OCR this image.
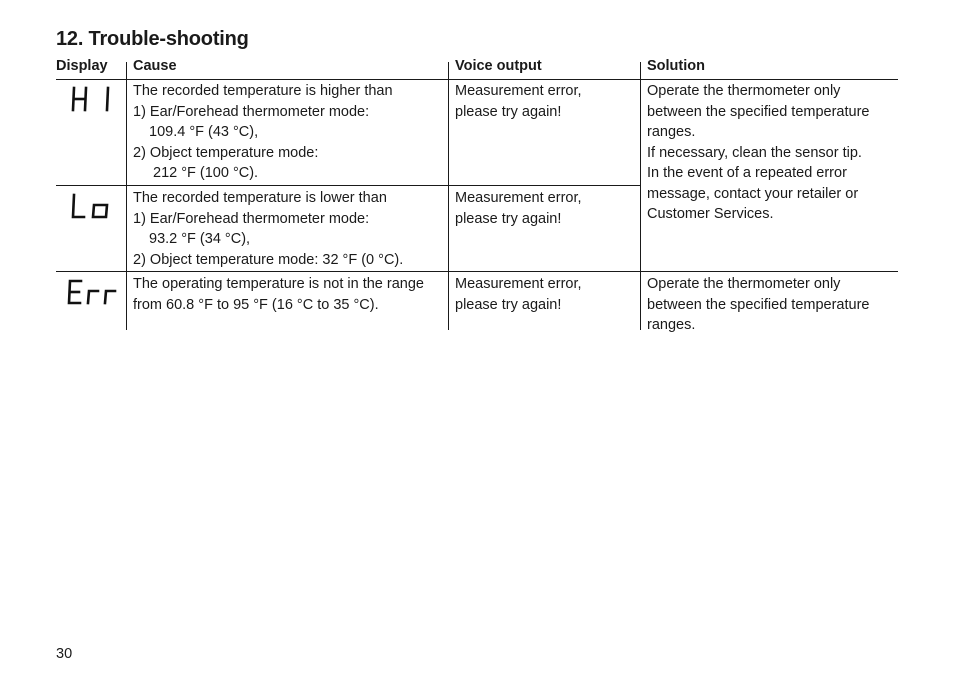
12. Trouble-shooting
Display Cause	Voice output	Solution
The recorded temperature is higher than
1) Ear/Forehead thermometer mode:
109.4 °F (43 °C),
2) Object temperature mode:
212 °F (100 °C).
Measurement error,
please try again!
Operate the thermometer only
between the specified temperature
ranges.
If necessary, clean the sensor tip.
In the event of a repeated error
message, contact your retailer or
Customer Services.
The recorded temperature is lower than
1) Ear/Forehead thermometer mode:
93.2 °F (34 °C),
2) Object temperature mode: 32 °F (0 °C).
Measurement error,
please try again!
The operating temperature is not in the range
from 60.8 °F to 95 °F (16 °C to 35 °C).
Measurement error,
please try again!
Operate the thermometer only
between the specified temperature
ranges.
30
